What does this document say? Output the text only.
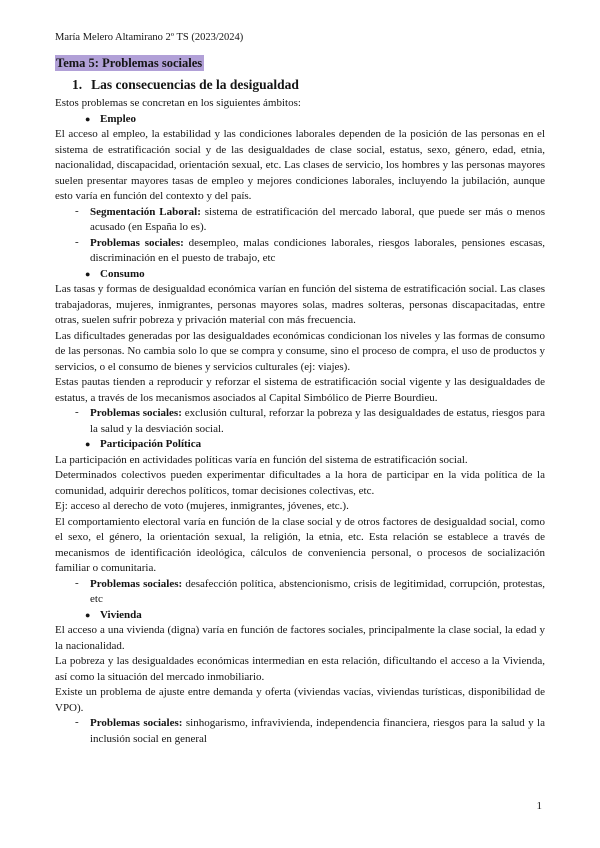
María Melero Altamirano 2º TS (2023/2024)
Tema 5: Problemas sociales
1. Las consecuencias de la desigualdad
Estos problemas se concretan en los siguientes ámbitos:
● Empleo
El acceso al empleo, la estabilidad y las condiciones laborales dependen de la posición de las personas en el sistema de estratificación social y de las desigualdades de clase social, estatus, sexo, género, edad, etnia, nacionalidad, discapacidad, orientación sexual, etc. Las clases de servicio, los hombres y las personas mayores suelen presentar mayores tasas de empleo y mejores condiciones laborales, incluyendo la jubilación, aunque esto varía en función del contexto y del país.
- Segmentación Laboral: sistema de estratificación del mercado laboral, que puede ser más o menos acusado (en España lo es).
- Problemas sociales: desempleo, malas condiciones laborales, riesgos laborales, pensiones escasas, discriminación en el puesto de trabajo, etc
● Consumo
Las tasas y formas de desigualdad económica varían en función del sistema de estratificación social. Las clases trabajadoras, mujeres, inmigrantes, personas mayores solas, madres solteras, personas discapacitadas, entre otras, suelen sufrir pobreza y privación material con más frecuencia.
Las dificultades generadas por las desigualdades económicas condicionan los niveles y las formas de consumo de las personas. No cambia solo lo que se compra y consume, sino el proceso de compra, el uso de productos y servicios, o el consumo de bienes y servicios culturales (ej: viajes).
Estas pautas tienden a reproducir y reforzar el sistema de estratificación social vigente y las desigualdades de estatus, a través de los mecanismos asociados al Capital Simbólico de Pierre Bourdieu.
- Problemas sociales: exclusión cultural, reforzar la pobreza y las desigualdades de estatus, riesgos para la salud y la desviación social.
● Participación Política
La participación en actividades políticas varía en función del sistema de estratificación social.
Determinados colectivos pueden experimentar dificultades a la hora de participar en la vida política de la comunidad, adquirir derechos políticos, tomar decisiones colectivas, etc.
Ej: acceso al derecho de voto (mujeres, inmigrantes, jóvenes, etc.).
El comportamiento electoral varía en función de la clase social y de otros factores de desigualdad social, como el sexo, el género, la orientación sexual, la religión, la etnia, etc. Esta relación se establece a través de mecanismos de identificación ideológica, cálculos de conveniencia personal, o procesos de socialización familiar o comunitaria.
- Problemas sociales: desafección política, abstencionismo, crisis de legitimidad, corrupción, protestas, etc
● Vivienda
El acceso a una vivienda (digna) varía en función de factores sociales, principalmente la clase social, la edad y la nacionalidad.
La pobreza y las desigualdades económicas intermedian en esta relación, dificultando el acceso a la Vivienda, así como la situación del mercado inmobiliario.
Existe un problema de ajuste entre demanda y oferta (viviendas vacías, viviendas turísticas, disponibilidad de VPO).
- Problemas sociales: sinhogarismo, infravivienda, independencia financiera, riesgos para la salud y la inclusión social en general
1
